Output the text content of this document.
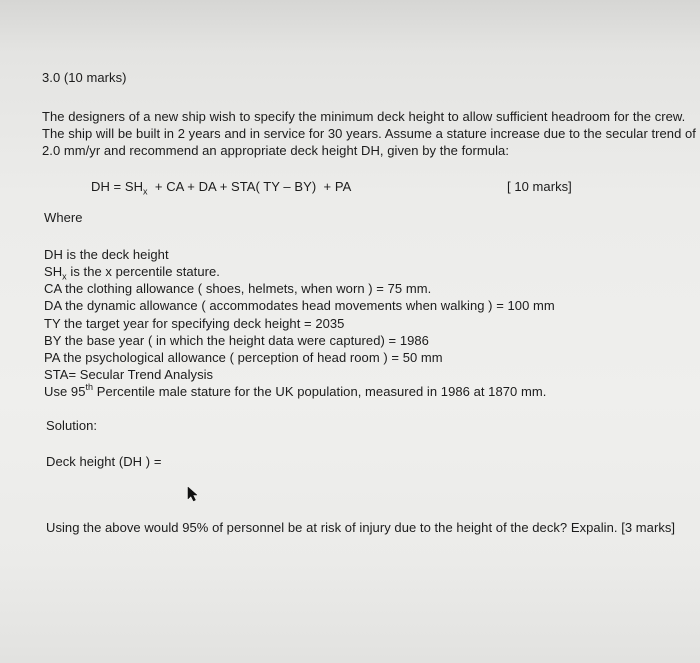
3.0 (10 marks)
The designers of a new ship wish to specify the minimum deck height to allow sufficient headroom for the crew.
The ship will be built in 2 years and in service for 30 years. Assume a stature increase due to the secular trend of
2.0 mm/yr and recommend an appropriate deck height DH, given by the formula:
DH = $SH_x$  + CA + DA + STA( TY – BY)  + PA	[ 10 marks]
Where
DH is the deck height
$SH_x$ is the x percentile stature.
CA the clothing allowance ( shoes, helmets, when worn ) = 75 mm.
DA the dynamic allowance ( accommodates head movements when walking ) = 100 mm
TY the target year for specifying deck height = 2035
BY the base year ( in which the height data were captured) = 1986
PA the psychological allowance ( perception of head room ) = 50 mm
STA= Secular Trend Analysis
Use 95th Percentile male stature for the UK population, measured in 1986 at 1870 mm.
Solution:
Deck height (DH ) =
Using the above would 95% of personnel be at risk of injury due to the height of the deck? Expalin. [3 marks]
